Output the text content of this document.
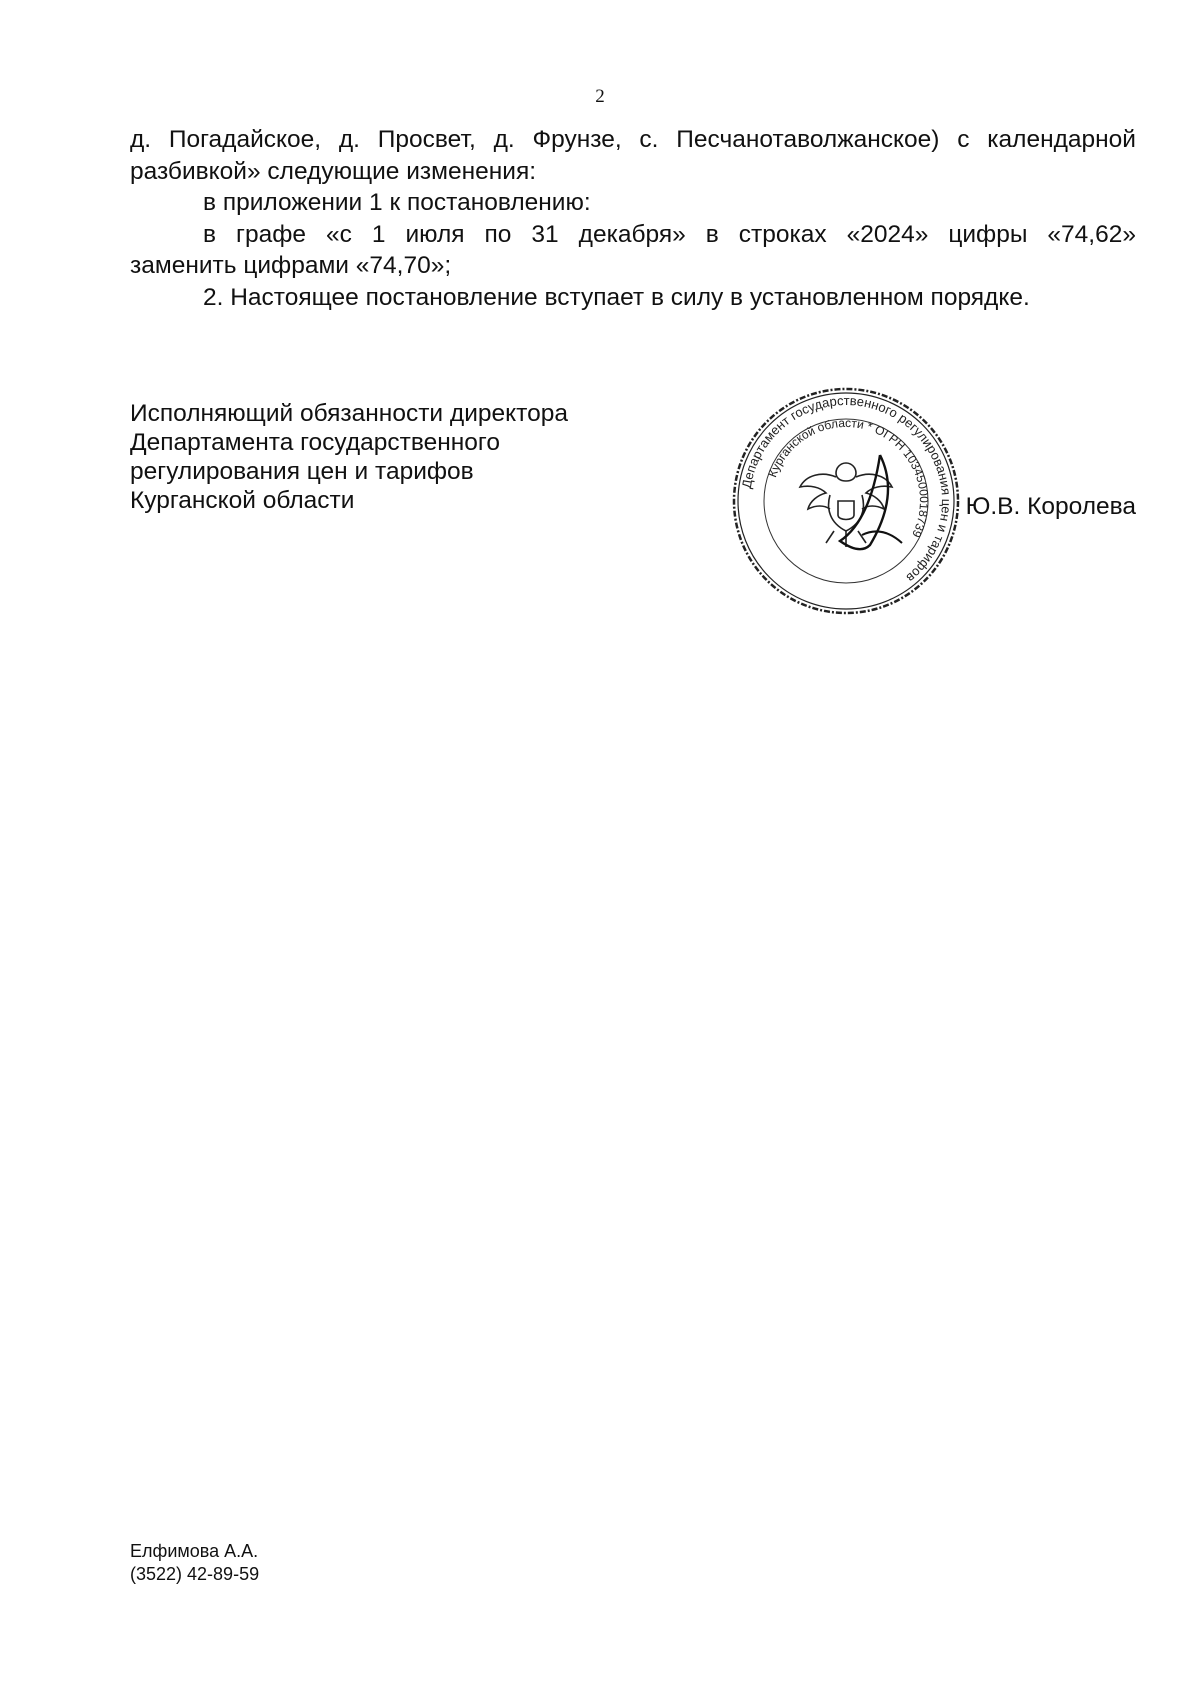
2

д. Погадайское, д. Просвет, д. Фрунзе, с. Песчанотаволжанское) с календарной

разбивкой» следующие изменения:

в приложении 1 к постановлению:

в графе «с 1 июля по 31 декабря» в строках «2024» цифры «74,62»

заменить цифрами «74,70»;

2. Настоящее постановление вступает в силу в установленном порядке.

Исполняющий обязанности директора
Департамента государственного
регулирования цен и тарифов
Курганской области
Департамент государственного регулирования цен и тарифов
Курганской области * ОГРН 1034500018739
Ю.В. Королева
Елфимова А.А.
(3522) 42-89-59
